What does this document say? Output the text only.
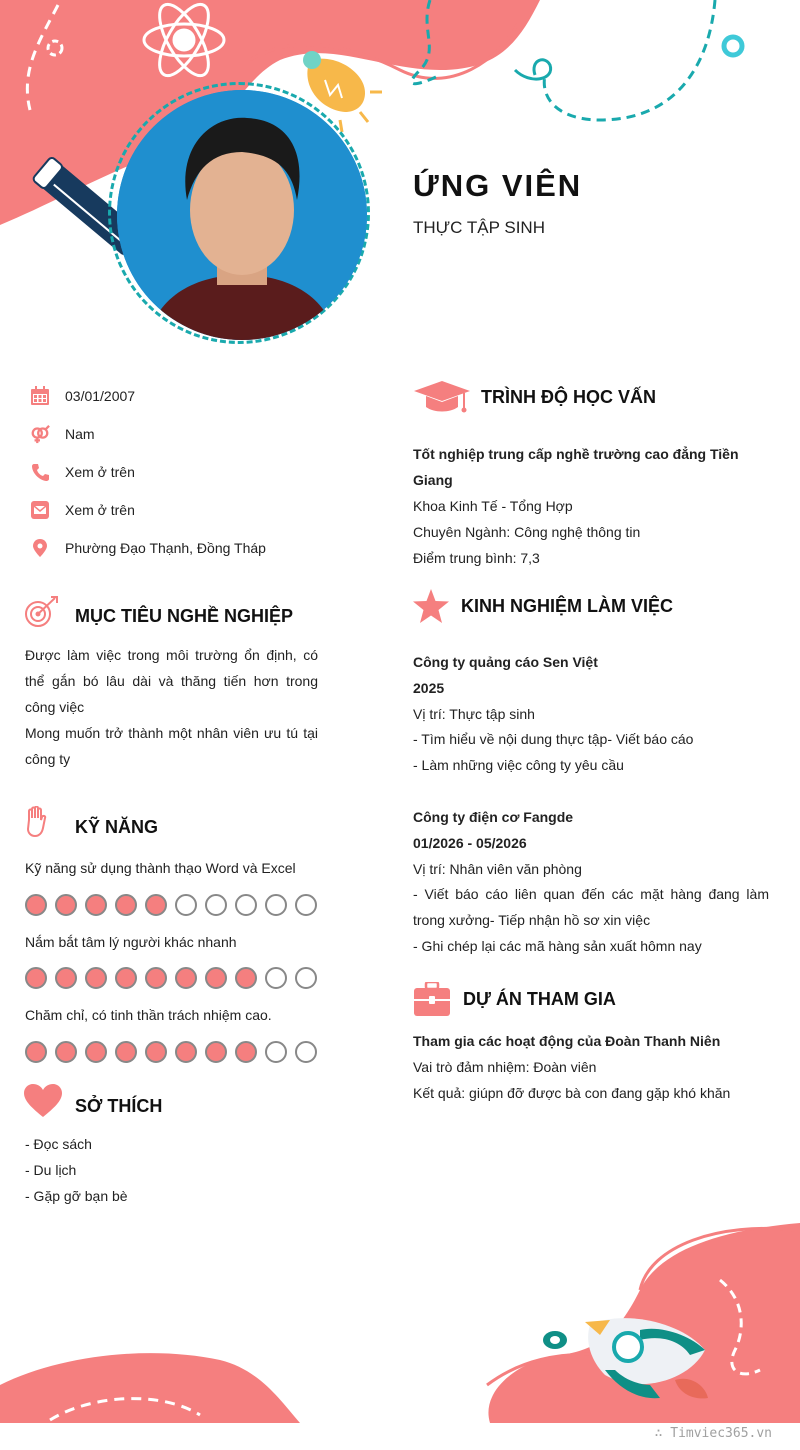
ỨNG VIÊN
THỰC TẬP SINH
03/01/2007
Nam
Xem ở trên
Xem ở trên
Phường Đạo Thạnh, Đồng Tháp
MỤC TIÊU NGHỀ NGHIỆP

Được làm việc trong môi trường ổn định, có thể gắn bó lâu dài và thăng tiến hơn trong công việc

Mong muốn trở thành một nhân viên ưu tú tại công ty

KỸ NĂNG
Kỹ năng sử dụng thành thạo Word và Excel
Nắm bắt tâm lý người khác nhanh
Chăm chỉ, có tinh thần trách nhiệm cao.
SỞ THÍCH
- Đọc sách
- Du lịch
- Gặp gỡ bạn bè
TRÌNH ĐỘ HỌC VẤN

Tốt nghiệp trung cấp nghề trường cao đẳng Tiền Giang

Khoa Kinh Tế - Tổng Hợp

Chuyên Ngành: Công nghệ thông tin

Điểm trung bình: 7,3

KINH NGHIỆM LÀM VIỆC

Công ty quảng cáo Sen Việt

2025

Vị trí: Thực tập sinh

- Tìm hiểu về nội dung thực tập- Viết báo cáo

- Làm những việc công ty yêu cầu

Công ty điện cơ Fangde

01/2026 - 05/2026

Vị trí: Nhân viên văn phòng

- Viết báo cáo liên quan đến các mặt hàng đang làm trong xưởng- Tiếp nhận hồ sơ xin việc

- Ghi chép lại các mã hàng sản xuất hômn nay

DỰ ÁN THAM GIA

Tham gia các hoạt động của Đoàn Thanh Niên

Vai trò đảm nhiệm: Đoàn viên

Kết quả: giúpn đỡ được bà con đang gặp khó khăn

∴ Timviec365.vn
